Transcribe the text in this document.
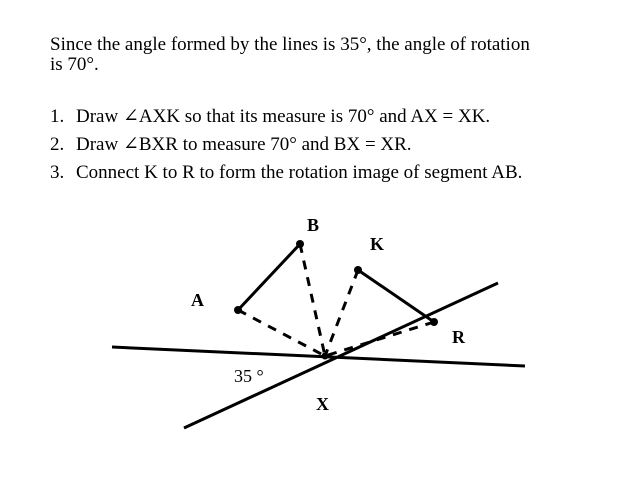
Since the angle formed by the lines is 35°, the angle of rotation
is 70°.

1. Draw ∠AXK so that its measure is 70° and AX = XK.
2. Draw ∠BXR to measure 70° and BX = XR.
3. Connect K to R to form the rotation image of segment AB.
A
B
K
R
X
35 °
